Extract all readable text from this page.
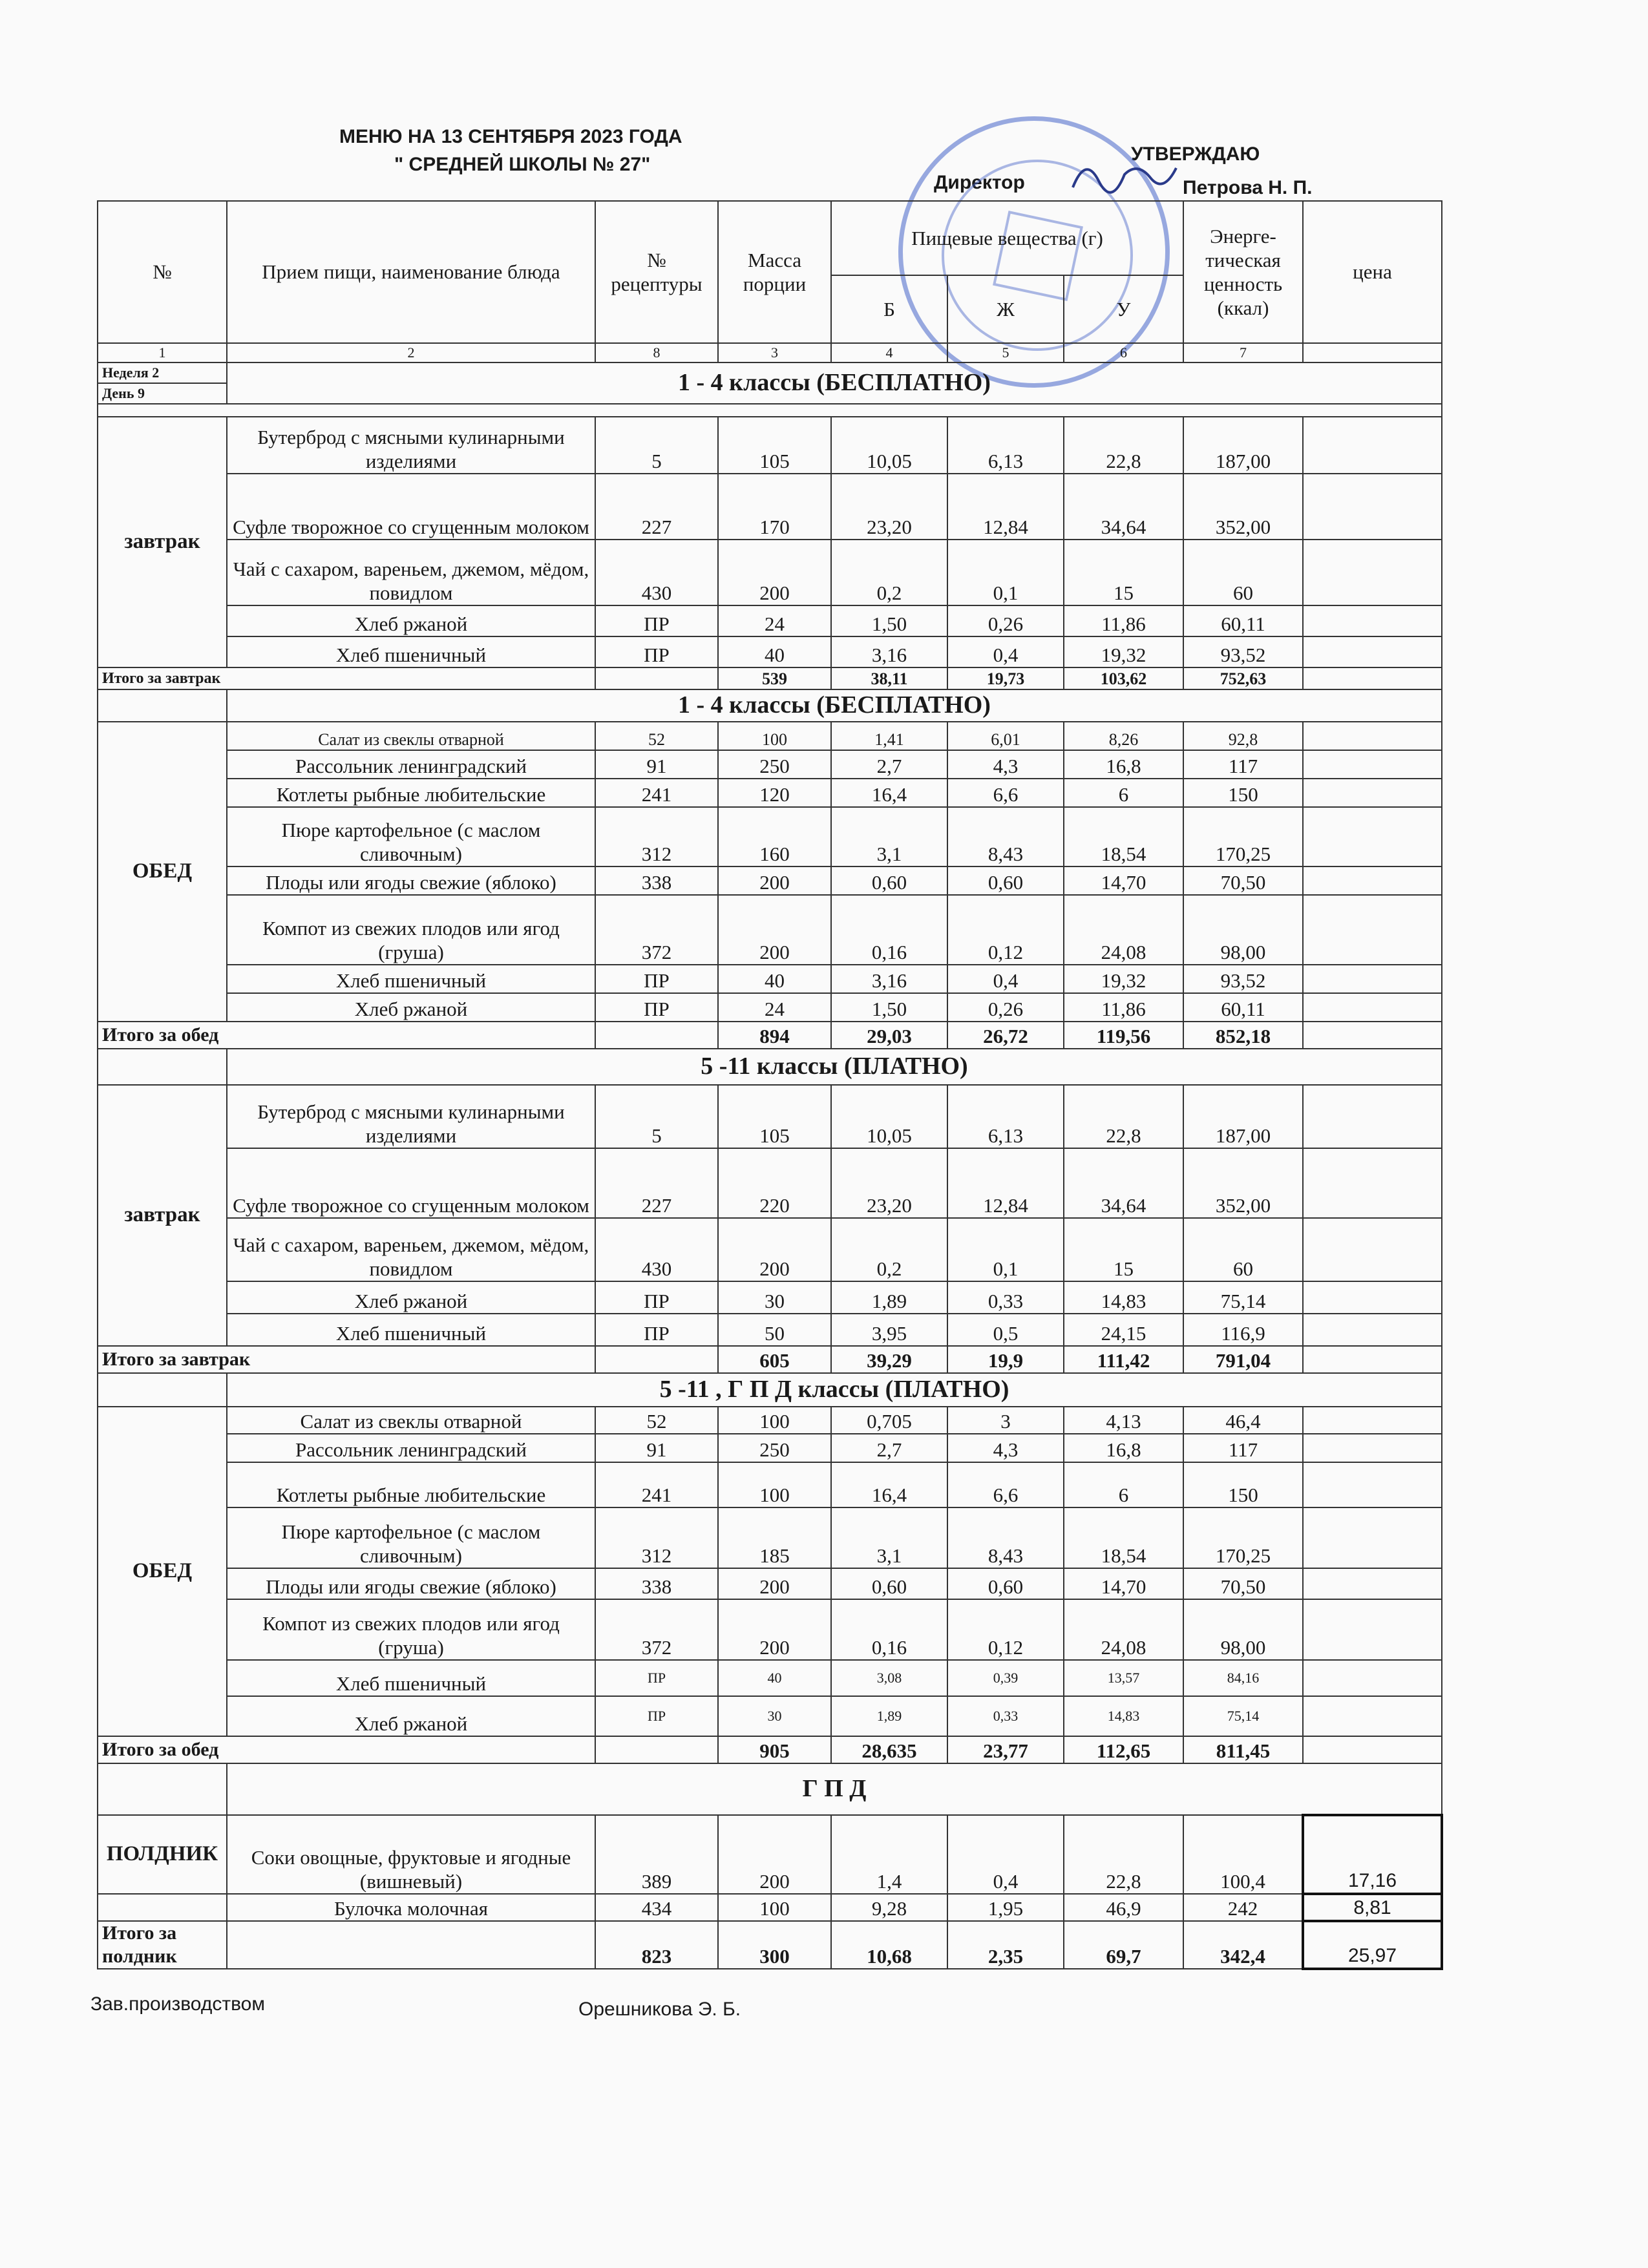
МЕНЮ НА 13 СЕНТЯБРЯ 2023 ГОДА
" СРЕДНЕЙ ШКОЛЫ № 27"	УТВЕРЖДАЮ
Директор	Петрова Н. П.
№	Прием пищи, наименование блюда	№ рецептуры	Масса порции	Пищевые вещества (г)			Энерге- тическая ценность (ккал)	цена
				Б	Ж	У		
1	2	8	3	4	5	6	7	
Неделя 2	1 - 4 классы (БЕСПЛАТНО)							
День 9								

завтрак	Бутерброд с мясными кулинарными изделиями	5	105	10,05	6,13	22,8	187,00	
	Суфле творожное со сгущенным молоком	227	170	23,20	12,84	34,64	352,00	
	Чай с сахаром, вареньем, джемом, мёдом, повидлом	430	200	0,2	0,1	15	60	
	Хлеб ржаной	ПР	24	1,50	0,26	11,86	60,11	
	Хлеб пшеничный	ПР	40	3,16	0,4	19,32	93,52	
Итого за завтрак			539	38,11	19,73	103,62	752,63	
	1 - 4 классы (БЕСПЛАТНО)							
ОБЕД	Салат из свеклы отварной	52	100	1,41	6,01	8,26	92,8	
	Рассольник ленинградский	91	250	2,7	4,3	16,8	117	
	Котлеты рыбные любительские	241	120	16,4	6,6	6	150	
	Пюре картофельное (с маслом сливочным)	312	160	3,1	8,43	18,54	170,25	
	Плоды или ягоды свежие (яблоко)	338	200	0,60	0,60	14,70	70,50	
	Компот из свежих плодов или ягод (груша)	372	200	0,16	0,12	24,08	98,00	
	Хлеб пшеничный	ПР	40	3,16	0,4	19,32	93,52	
	Хлеб ржаной	ПР	24	1,50	0,26	11,86	60,11	
Итого за обед			894	29,03	26,72	119,56	852,18	
	5 -11 классы (ПЛАТНО)							
завтрак	Бутерброд с мясными кулинарными изделиями	5	105	10,05	6,13	22,8	187,00	
	Суфле творожное со сгущенным молоком	227	220	23,20	12,84	34,64	352,00	
	Чай с сахаром, вареньем, джемом, мёдом, повидлом	430	200	0,2	0,1	15	60	
	Хлеб ржаной	ПР	30	1,89	0,33	14,83	75,14	
	Хлеб пшеничный	ПР	50	3,95	0,5	24,15	116,9	
Итого за завтрак			605	39,29	19,9	111,42	791,04	
	5 -11 , Г П Д классы (ПЛАТНО)							
ОБЕД	Салат из свеклы отварной	52	100	0,705	3	4,13	46,4	
	Рассольник ленинградский	91	250	2,7	4,3	16,8	117	
	Котлеты рыбные любительские	241	100	16,4	6,6	6	150	
	Пюре картофельное (с маслом сливочным)	312	185	3,1	8,43	18,54	170,25	
	Плоды или ягоды свежие (яблоко)	338	200	0,60	0,60	14,70	70,50	
	Компот из свежих плодов или ягод (груша)	372	200	0,16	0,12	24,08	98,00	
	Хлеб пшеничный	ПР	40	3,08	0,39	13,57	84,16	
	Хлеб ржаной	ПР	30	1,89	0,33	14,83	75,14	
Итого за обед			905	28,635	23,77	112,65	811,45	
	Г П Д							
ПОЛДНИК	Соки овощные, фруктовые и ягодные (вишневый)	389	200	1,4	0,4	22,8	100,4	17,16
	Булочка молочная	434	100	9,28	1,95	46,9	242	8,81
Итого за полдник		823	300	10,68	2,35	69,7	342,4	25,97
Зав.производством	Орешникова Э. Б.
